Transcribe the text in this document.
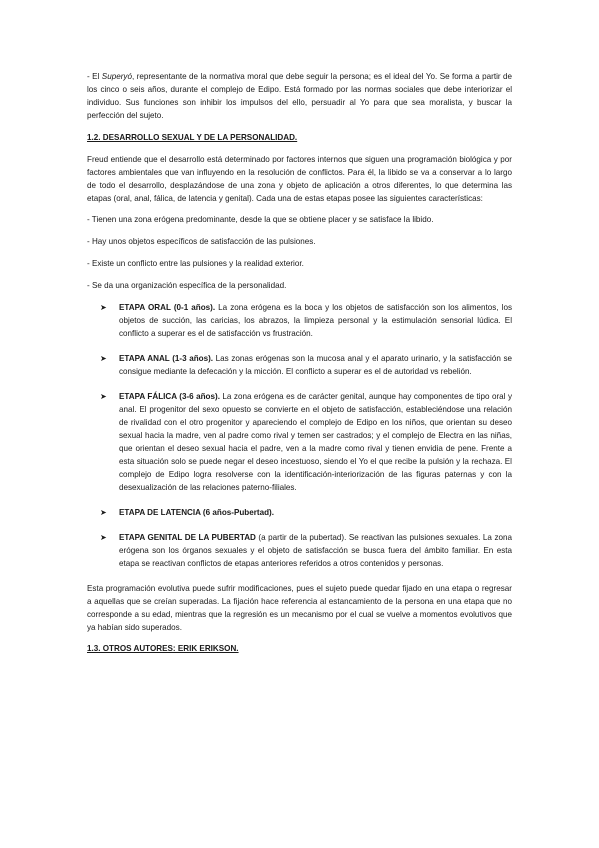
- El Superyó, representante de la normativa moral que debe seguir la persona; es el ideal del Yo. Se forma a partir de los cinco o seis años, durante el complejo de Edipo. Está formado por las normas sociales que debe interiorizar el individuo. Sus funciones son inhibir los impulsos del ello, persuadir al Yo para que sea moralista, y buscar la perfección del sujeto.

1.2. DESARROLLO SEXUAL Y DE LA PERSONALIDAD.

Freud entiende que el desarrollo está determinado por factores internos que siguen una programación biológica y por factores ambientales que van influyendo en la resolución de conflictos. Para él, la libido se va a conservar a lo largo de todo el desarrollo, desplazándose de una zona y objeto de aplicación a otros diferentes, lo que determina las etapas (oral, anal, fálica, de latencia y genital). Cada una de estas etapas posee las siguientes características:

- Tienen una zona erógena predominante, desde la que se obtiene placer y se satisface la libido.

- Hay unos objetos específicos de satisfacción de las pulsiones.

- Existe un conflicto entre las pulsiones y la realidad exterior.

- Se da una organización específica de la personalidad.

➤ ETAPA ORAL (0-1 años). La zona erógena es la boca y los objetos de satisfacción son los alimentos, los objetos de succión, las caricias, los abrazos, la limpieza personal y la estimulación sensorial lúdica. El conflicto a superar es el de satisfacción vs frustración.
➤ ETAPA ANAL (1-3 años). Las zonas erógenas son la mucosa anal y el aparato urinario, y la satisfacción se consigue mediante la defecación y la micción. El conflicto a superar es el de autoridad vs rebelión.
➤ ETAPA FÁLICA (3-6 años). La zona erógena es de carácter genital, aunque hay componentes de tipo oral y anal. El progenitor del sexo opuesto se convierte en el objeto de satisfacción, estableciéndose una relación de rivalidad con el otro progenitor y apareciendo el complejo de Edipo en los niños, que orientan su deseo sexual hacia la madre, ven al padre como rival y temen ser castrados; y el complejo de Electra en las niñas, que orientan el deseo sexual hacia el padre, ven a la madre como rival y tienen envidia de pene. Frente a esta situación solo se puede negar el deseo incestuoso, siendo el Yo el que recibe la pulsión y la rechaza. El complejo de Edipo logra resolverse con la identificación-interiorización de las figuras paternas y con la desexualización de las relaciones paterno-filiales.
➤ ETAPA DE LATENCIA (6 años-Pubertad).
➤ ETAPA GENITAL DE LA PUBERTAD (a partir de la pubertad). Se reactivan las pulsiones sexuales. La zona erógena son los órganos sexuales y el objeto de satisfacción se busca fuera del ámbito familiar. En esta etapa se reactivan conflictos de etapas anteriores referidos a otros contenidos y personas.

Esta programación evolutiva puede sufrir modificaciones, pues el sujeto puede quedar fijado en una etapa o regresar a aquellas que se creían superadas. La fijación hace referencia al estancamiento de la persona en una etapa que no corresponde a su edad, mientras que la regresión es un mecanismo por el cual se vuelve a momentos evolutivos que ya habían sido superados.

1.3. OTROS AUTORES: ERIK ERIKSON.
